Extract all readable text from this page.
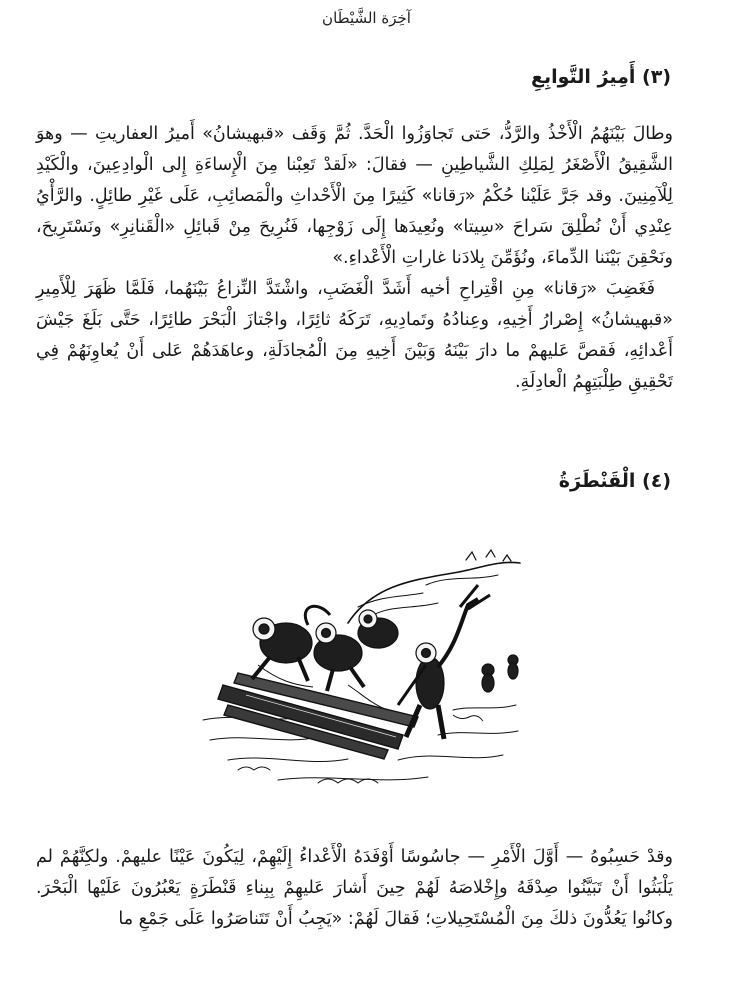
آخِرَة الشَّيْطَان
(٣) أَمِيرُ التَّوابِعِ

وطالَ بَيْنَهُمُ الْأَخْذُ والرَّدُّ، حَتى تَجاوَزُوا الْحَدَّ. ثُمَّ وَقَف «قبهيشانُ» أَميرُ العفاريتِ — وهوَ الشَّقِيقُ الْأَصْغَرُ لِمَلِكِ الشَّياطِينِ — فقالَ: «لَقدْ تَعِبْنا مِنَ الْإِساءَةِ إِلى الْوادِعِينَ، والْكَيْدِ لِلْآمِنِينَ. وقد جَرَّ عَلَيْنا حُكْمُ «رَقانا» كَثِيرًا مِنَ الْأَحْداثِ والْمَصائِبِ، عَلَى غَيْرِ طائِلٍ. والرَّأْيُ عِنْدِي أَنْ نُطْلِقَ سَراحَ «سِيتا» ونُعِيدَها إِلَى زَوْجِها، فَنُرِيحَ مِنْ قَبائِلِ «الْقَنانِرِ» ونَسْتَرِيحَ، ونَحْقِنَ بَيْنَنا الدِّماءَ، ونُؤَمِّنَ بِلادَنا غاراتِ الْأَعْداءِ.»

فَغَضِبَ «رَقانا» مِنِ اقْتِراحِ أخيه أَشَدَّ الْغَضَبِ، واشْتَدَّ النِّزاعُ بَيْنَهُما، فَلَمَّا ظَهَرَ لِلْأَمِيرِ «قبهيشانُ» إِصْرارُ أَخِيهِ، وعِنادُهُ وتَمادِيهِ، تَرَكَهُ ثائِرًا، واجْتازَ الْبَحْرَ طائِرًا، حَتَّى بَلَغَ جَيْشَ أَعْدائِهِ، فَقصَّ عَليهمْ ما دارَ بَيْنَهُ وَبَيْنَ أَخِيهِ مِنَ الْمُجادَلَةِ، وعاهَدَهُمْ عَلى أَنْ يُعاوِنَهُمْ فِي تَحْقِيقِ طِلْبَتِهِمُ الْعادِلَةِ.

(٤) الْقَنْطَرَةُ

وقدْ حَسِبُوهُ — أَوَّلَ الْأَمْرِ — جاسُوسًا أَوْفَدَهُ الْأَعْداءُ إِلَيْهِمْ، لِيَكُونَ عَيْنًا عليهمْ. ولكِنَّهُمْ لم يَلْبَثُوا أَنْ تَبَيَّنُوا صِدْقَهُ وإِخْلاصَهُ لَهُمْ حِينَ أَشارَ عَليهِمْ بِبِناءِ قَنْطَرَةٍ يَعْبُرُونَ عَلَيْها الْبَحْرَ. وكانُوا يَعُدُّونَ ذلكَ مِنَ الْمُسْتَحِيلاتِ؛ فَقالَ لَهُمْ: «يَجِبُ أَنْ تَتَناصَرُوا عَلَى جَمْعِ ما
